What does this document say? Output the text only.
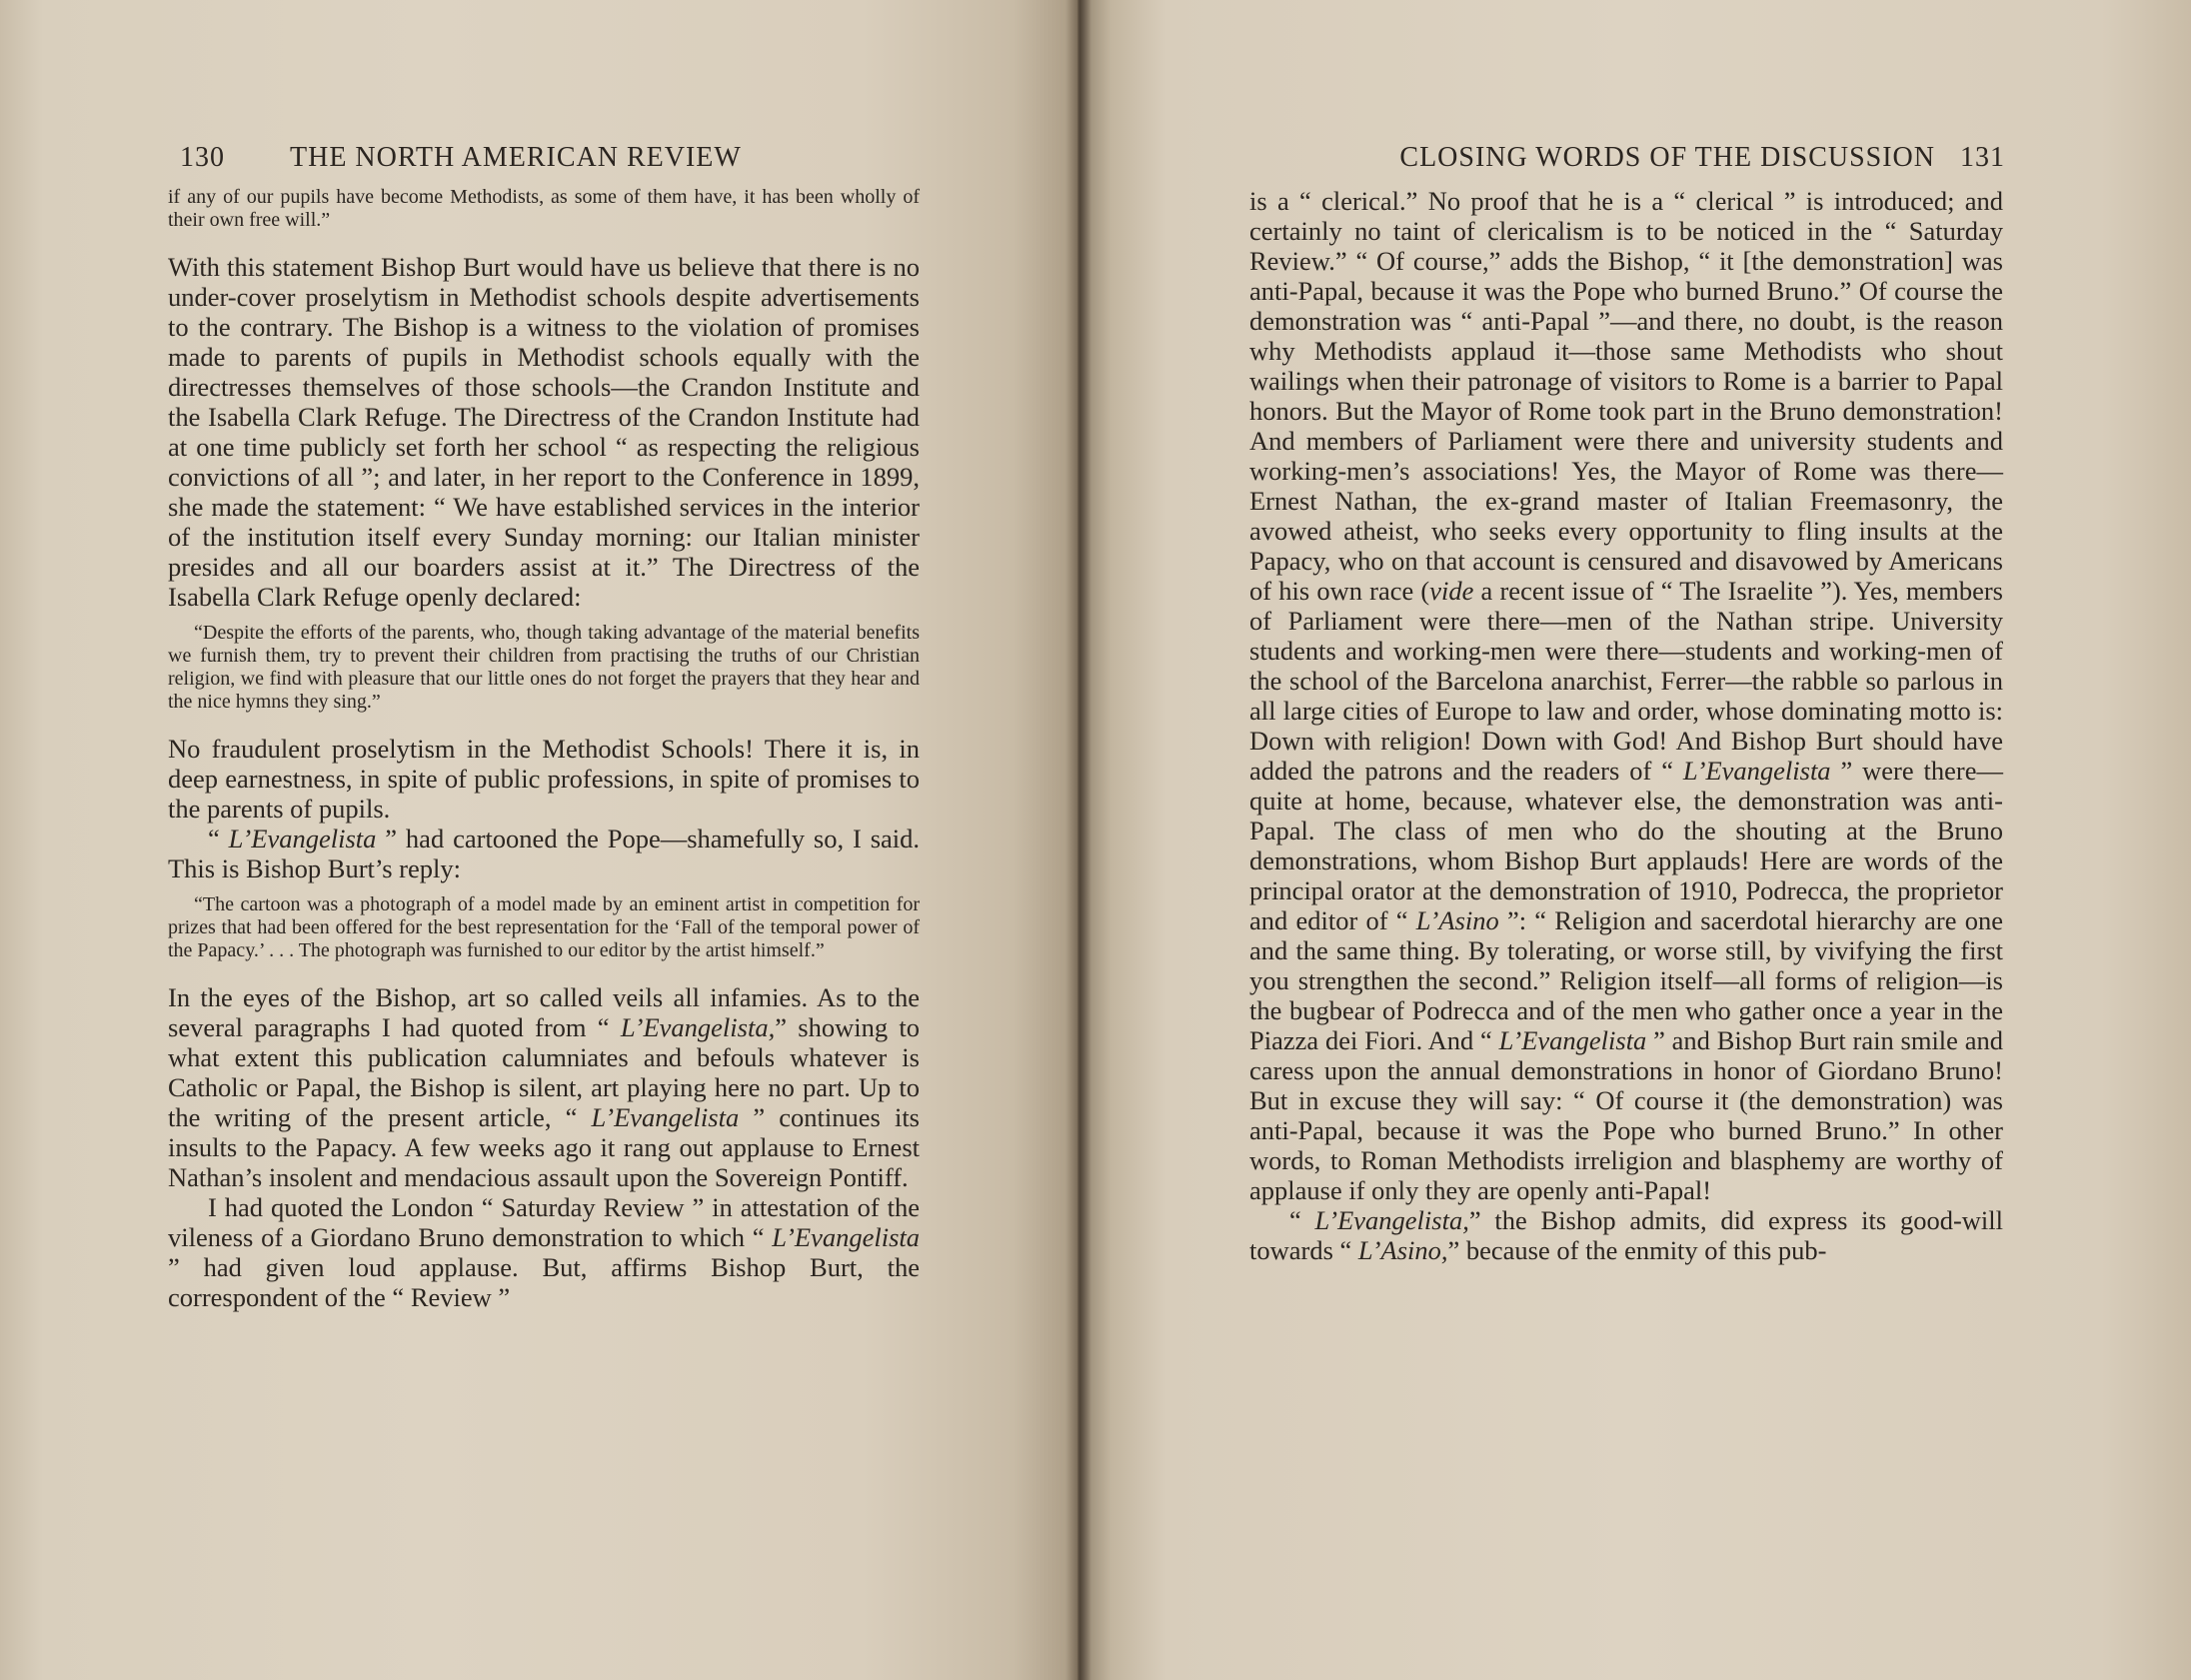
130 THE NORTH AMERICAN REVIEW

if any of our pupils have become Methodists, as some of them have, it has been wholly of their own free will.”

With this statement Bishop Burt would have us believe that there is no under-cover proselytism in Methodist schools despite advertisements to the contrary. The Bishop is a witness to the violation of promises made to parents of pupils in Methodist schools equally with the directresses themselves of those schools—the Crandon Institute and the Isabella Clark Refuge. The Directress of the Crandon Institute had at one time publicly set forth her school “ as respecting the religious convictions of all ”; and later, in her report to the Conference in 1899, she made the statement: “ We have established services in the interior of the institution itself every Sunday morning: our Italian minister presides and all our boarders assist at it.” The Directress of the Isabella Clark Refuge openly declared:

“Despite the efforts of the parents, who, though taking advantage of the material benefits we furnish them, try to prevent their children from practising the truths of our Christian religion, we find with pleasure that our little ones do not forget the prayers that they hear and the nice hymns they sing.”

No fraudulent proselytism in the Methodist Schools! There it is, in deep earnestness, in spite of public professions, in spite of promises to the parents of pupils.

“ L’Evangelista ” had cartooned the Pope—shamefully so, I said. This is Bishop Burt’s reply:

“The cartoon was a photograph of a model made by an eminent artist in competition for prizes that had been offered for the best representation for the ‘Fall of the temporal power of the Papacy.’ . . . The photograph was furnished to our editor by the artist himself.”

In the eyes of the Bishop, art so called veils all infamies. As to the several paragraphs I had quoted from “ L’Evangelista,” showing to what extent this publication calumniates and befouls whatever is Catholic or Papal, the Bishop is silent, art playing here no part. Up to the writing of the present article, “ L’Evangelista ” continues its insults to the Papacy. A few weeks ago it rang out applause to Ernest Nathan’s insolent and mendacious assault upon the Sovereign Pontiff.

I had quoted the London “ Saturday Review ” in attestation of the vileness of a Giordano Bruno demonstration to which “ L’Evangelista ” had given loud applause. But, affirms Bishop Burt, the correspondent of the “ Review ”

CLOSING WORDS OF THE DISCUSSION 131

is a “ clerical.” No proof that he is a “ clerical ” is introduced; and certainly no taint of clericalism is to be noticed in the “ Saturday Review.” “ Of course,” adds the Bishop, “ it [the demonstration] was anti-Papal, because it was the Pope who burned Bruno.” Of course the demonstration was “ anti-Papal ”—and there, no doubt, is the reason why Methodists applaud it—those same Methodists who shout wailings when their patronage of visitors to Rome is a barrier to Papal honors. But the Mayor of Rome took part in the Bruno demonstration! And members of Parliament were there and university students and working-men’s associations! Yes, the Mayor of Rome was there—Ernest Nathan, the ex-grand master of Italian Freemasonry, the avowed atheist, who seeks every opportunity to fling insults at the Papacy, who on that account is censured and disavowed by Americans of his own race (vide a recent issue of “ The Israelite ”). Yes, members of Parliament were there—men of the Nathan stripe. University students and working-men were there—students and working-men of the school of the Barcelona anarchist, Ferrer—the rabble so parlous in all large cities of Europe to law and order, whose dominating motto is: Down with religion! Down with God! And Bishop Burt should have added the patrons and the readers of “ L’Evangelista ” were there—quite at home, because, whatever else, the demonstration was anti-Papal. The class of men who do the shouting at the Bruno demonstrations, whom Bishop Burt applauds! Here are words of the principal orator at the demonstration of 1910, Podrecca, the proprietor and editor of “ L’Asino ”: “ Religion and sacerdotal hierarchy are one and the same thing. By tolerating, or worse still, by vivifying the first you strengthen the second.” Religion itself—all forms of religion—is the bugbear of Podrecca and of the men who gather once a year in the Piazza dei Fiori. And “ L’Evangelista ” and Bishop Burt rain smile and caress upon the annual demonstrations in honor of Giordano Bruno! But in excuse they will say: “ Of course it (the demonstration) was anti-Papal, because it was the Pope who burned Bruno.” In other words, to Roman Methodists irreligion and blasphemy are worthy of applause if only they are openly anti-Papal!

“ L’Evangelista,” the Bishop admits, did express its good-will towards “ L’Asino,” because of the enmity of this pub-
